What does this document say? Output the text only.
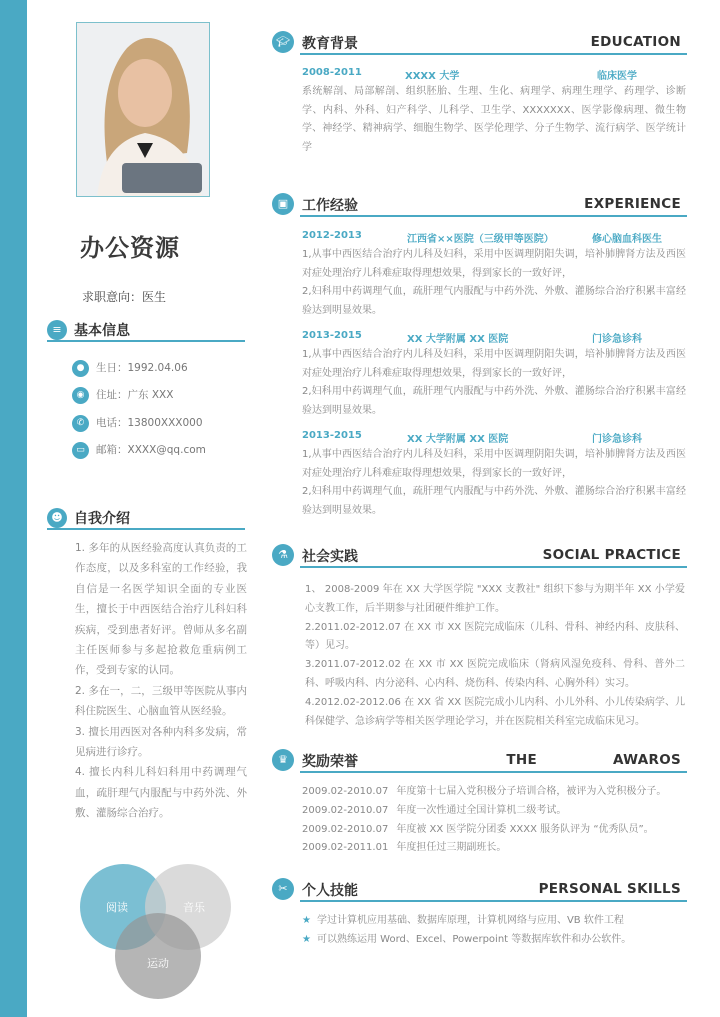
办公资源
求职意向：医生
≡ 基本信息
● 生日：1992.04.06
◉ 住址：广东 XXX
✆ 电话：13800XXX000
▭ 邮箱：XXXX@qq.com
☻ 自我介绍

1. 多年的从医经验高度认真负责的工作态度，以及多科室的工作经验，我自信是一名医学知识全面的专业医生，擅长于中西医结合治疗儿科妇科疾病，受到患者好评。曾师从多名副主任医师参与多起抢救危重病例工作，受到专家的认同。

2. 多在一，二，三级甲等医院从事内科住院医生、心脑血管从医经验。

3. 擅长用西医对各种内科多发病，常见病进行诊疗。

4. 擅长内科儿科妇科用中药调理气血，疏肝理气内服配与中药外洗、外敷、灌肠综合治疗。

阅读	音乐
运动
🎓︎ 教育背景	EDUCATION
2008-2011	XXXX 大学	临床医学
系统解剖、局部解剖、组织胚胎、生理、生化、病理学、病理生理学、药理学、诊断学、内科、外科、妇产科学、儿科学、卫生学、XXXXXXX、医学影像病理、微生物学、神经学、精神病学、细胞生物学、医学伦理学、分子生物学、流行病学、医学统计学
▣ 工作经验	EXPERIENCE
2012-2013	江西省××医院（三级甲等医院）	修心脑血科医生

1,从事中西医结合治疗内儿科及妇科，采用中医调理阴阳失调，培补肺脾肾方法及西医对症处理治疗儿科难症取得理想效果，得到家长的一致好评，

2,妇科用中药调理气血，疏肝理气内服配与中药外洗、外敷、灌肠综合治疗积累丰富经验达到明显效果。

2013-2015	XX 大学附属 XX 医院	门诊急诊科

1,从事中西医结合治疗内儿科及妇科，采用中医调理阴阳失调，培补肺脾肾方法及西医对症处理治疗儿科难症取得理想效果，得到家长的一致好评，

2,妇科用中药调理气血，疏肝理气内服配与中药外洗、外敷、灌肠综合治疗积累丰富经验达到明显效果。

2013-2015	XX 大学附属 XX 医院	门诊急诊科

1,从事中西医结合治疗内儿科及妇科，采用中医调理阴阳失调，培补肺脾肾方法及西医对症处理治疗儿科难症取得理想效果，得到家长的一致好评，

2,妇科用中药调理气血，疏肝理气内服配与中药外洗、外敷、灌肠综合治疗积累丰富经验达到明显效果。

⚗	社会实践	SOCIAL PRACTICE

1、 2008-2009 年在 XX 大学医学院 "XXX 支教社" 组织下参与为期半年 XX 小学爱心支教工作，后半期参与社团硬件维护工作。

2.2011.02-2012.07 在 XX 市 XX 医院完成临床（儿科、骨科、神经内科、皮肤科、等）见习。

3.2011.07-2012.02 在 XX 市 XX 医院完成临床（肾病风湿免疫科、骨科、普外二科、呼吸内科、内分泌科、心内科、烧伤科、传染内科、心胸外科）实习。

4.2012.02-2012.06 在 XX 省 XX 医院完成小儿内科、小儿外科、小儿传染病学、儿科保健学、急诊病学等相关医学理论学习，并在医院相关科室完成临床见习。

♛	奖励荣誉	THE	AWAROS
2009.02-2010.07 年度第十七届入党积极分子培训合格，被评为入党积极分子。
2009.02-2010.07 年度一次性通过全国计算机二级考试。
2009.02-2010.07 年度被 XX 医学院分团委 XXXX 服务队评为 “优秀队员”。
2009.02-2011.01 年度担任过三期副班长。
✂	个人技能	PERSONAL SKILLS
★ 学过计算机应用基础、数据库原理，计算机网络与应用、VB 软件工程
★ 可以熟练运用 Word、Excel、Powerpoint 等数据库软件和办公软件。
